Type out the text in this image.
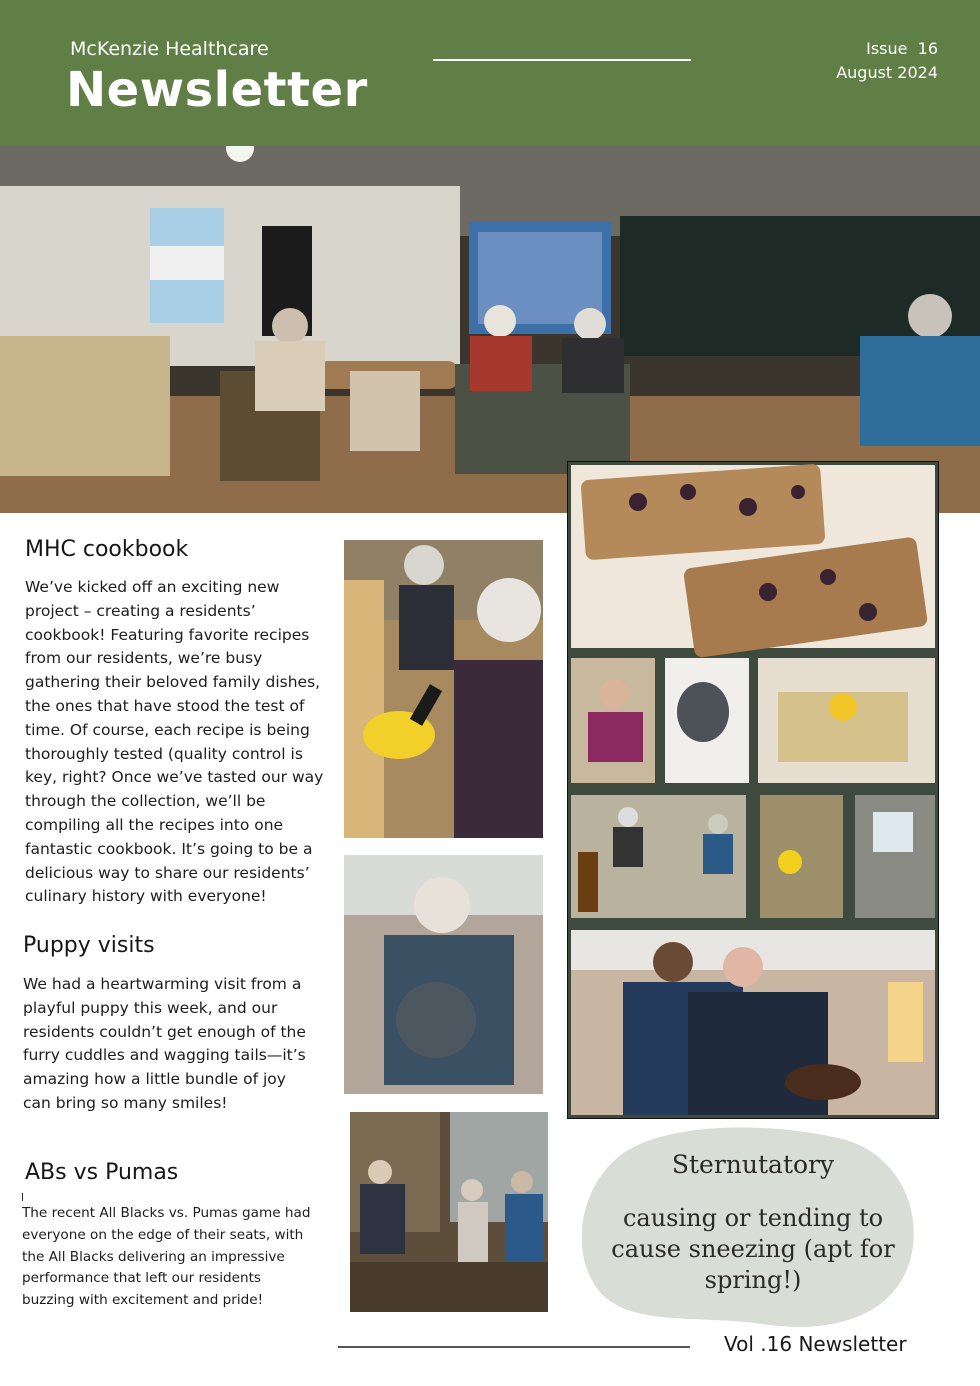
McKenzie Healthcare
Newsletter
Issue  16
August 2024
MHC cookbook
We’ve kicked off an exciting new
project – creating a residents’
cookbook! Featuring favorite recipes
from our residents, we’re busy
gathering their beloved family dishes,
the ones that have stood the test of
time. Of course, each recipe is being
thoroughly tested (quality control is
key, right? Once we’ve tasted our way
through the collection, we’ll be
compiling all the recipes into one
fantastic cookbook. It’s going to be a
delicious way to share our residents’
culinary history with everyone!
Puppy visits
We had a heartwarming visit from a
playful puppy this week, and our
residents couldn’t get enough of the
furry cuddles and wagging tails—it’s
amazing how a little bundle of joy
can bring so many smiles!
ABs vs Pumas
The recent All Blacks vs. Pumas game had
everyone on the edge of their seats, with
the All Blacks delivering an impressive
performance that left our residents
buzzing with excitement and pride!
Sternutatory
causing or tending to
cause sneezing (apt for
spring!)
Vol .16 Newsletter
